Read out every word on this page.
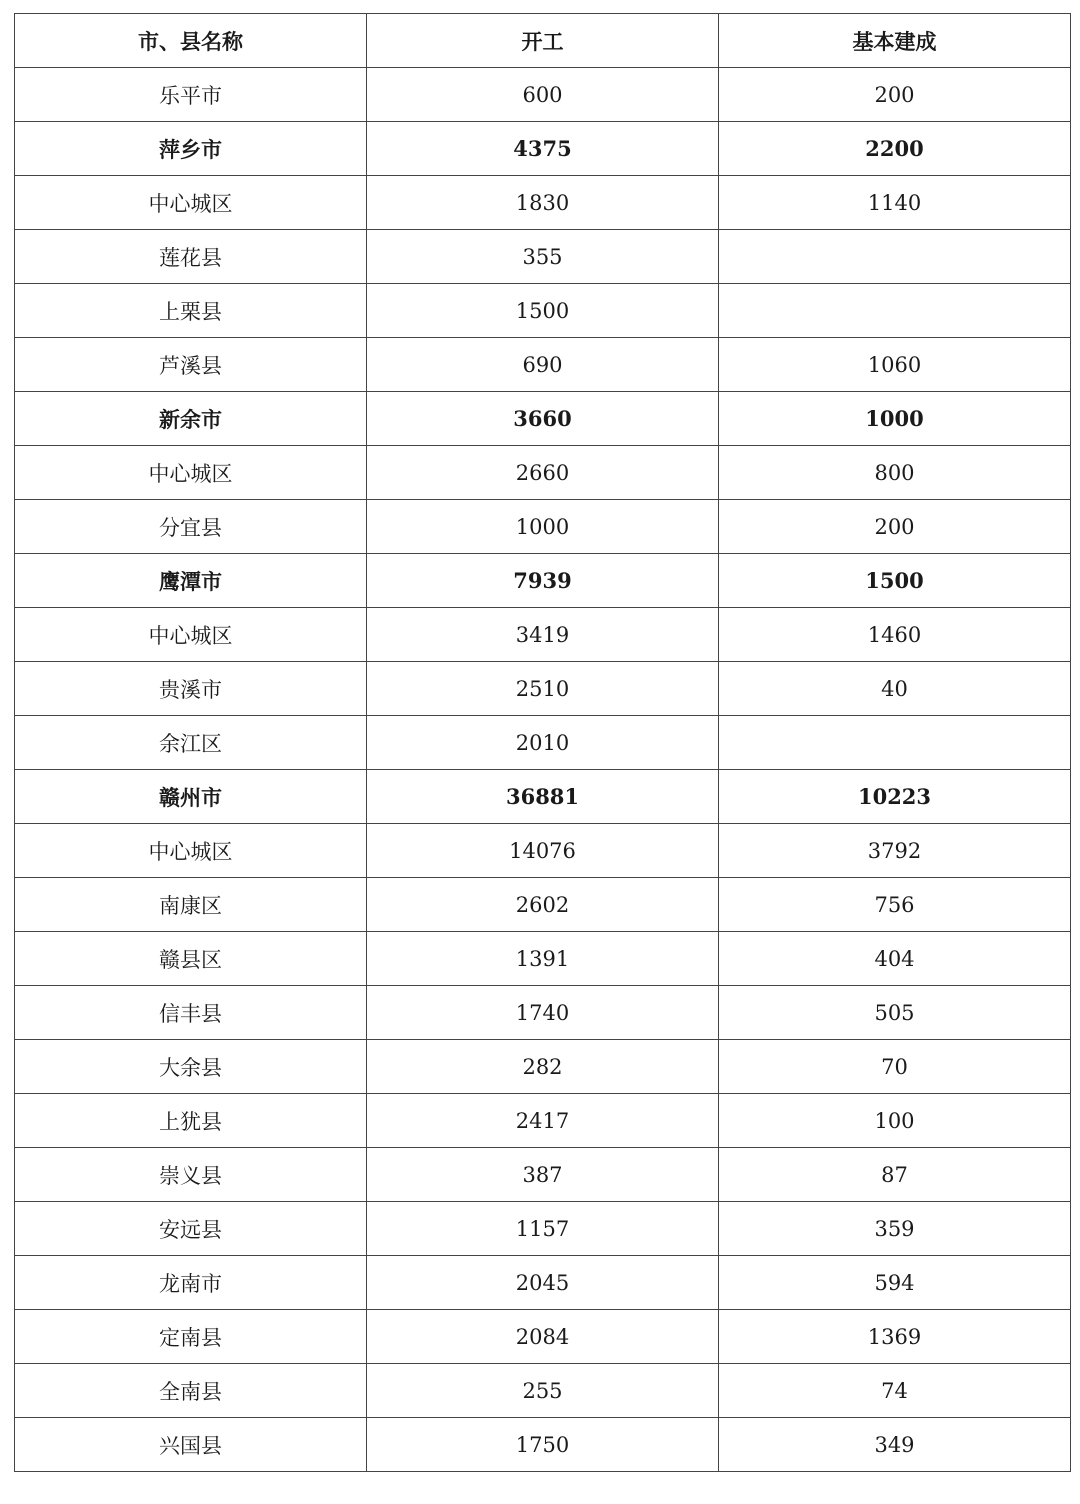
市、县名称	开工	基本建成
乐平市	600	200
萍乡市	4375	2200
中心城区	1830	1140
莲花县	355	
上栗县	1500	
芦溪县	690	1060
新余市	3660	1000
中心城区	2660	800
分宜县	1000	200
鹰潭市	7939	1500
中心城区	3419	1460
贵溪市	2510	40
余江区	2010	
赣州市	36881	10223
中心城区	14076	3792
南康区	2602	756
赣县区	1391	404
信丰县	1740	505
大余县	282	70
上犹县	2417	100
崇义县	387	87
安远县	1157	359
龙南市	2045	594
定南县	2084	1369
全南县	255	74
兴国县	1750	349
